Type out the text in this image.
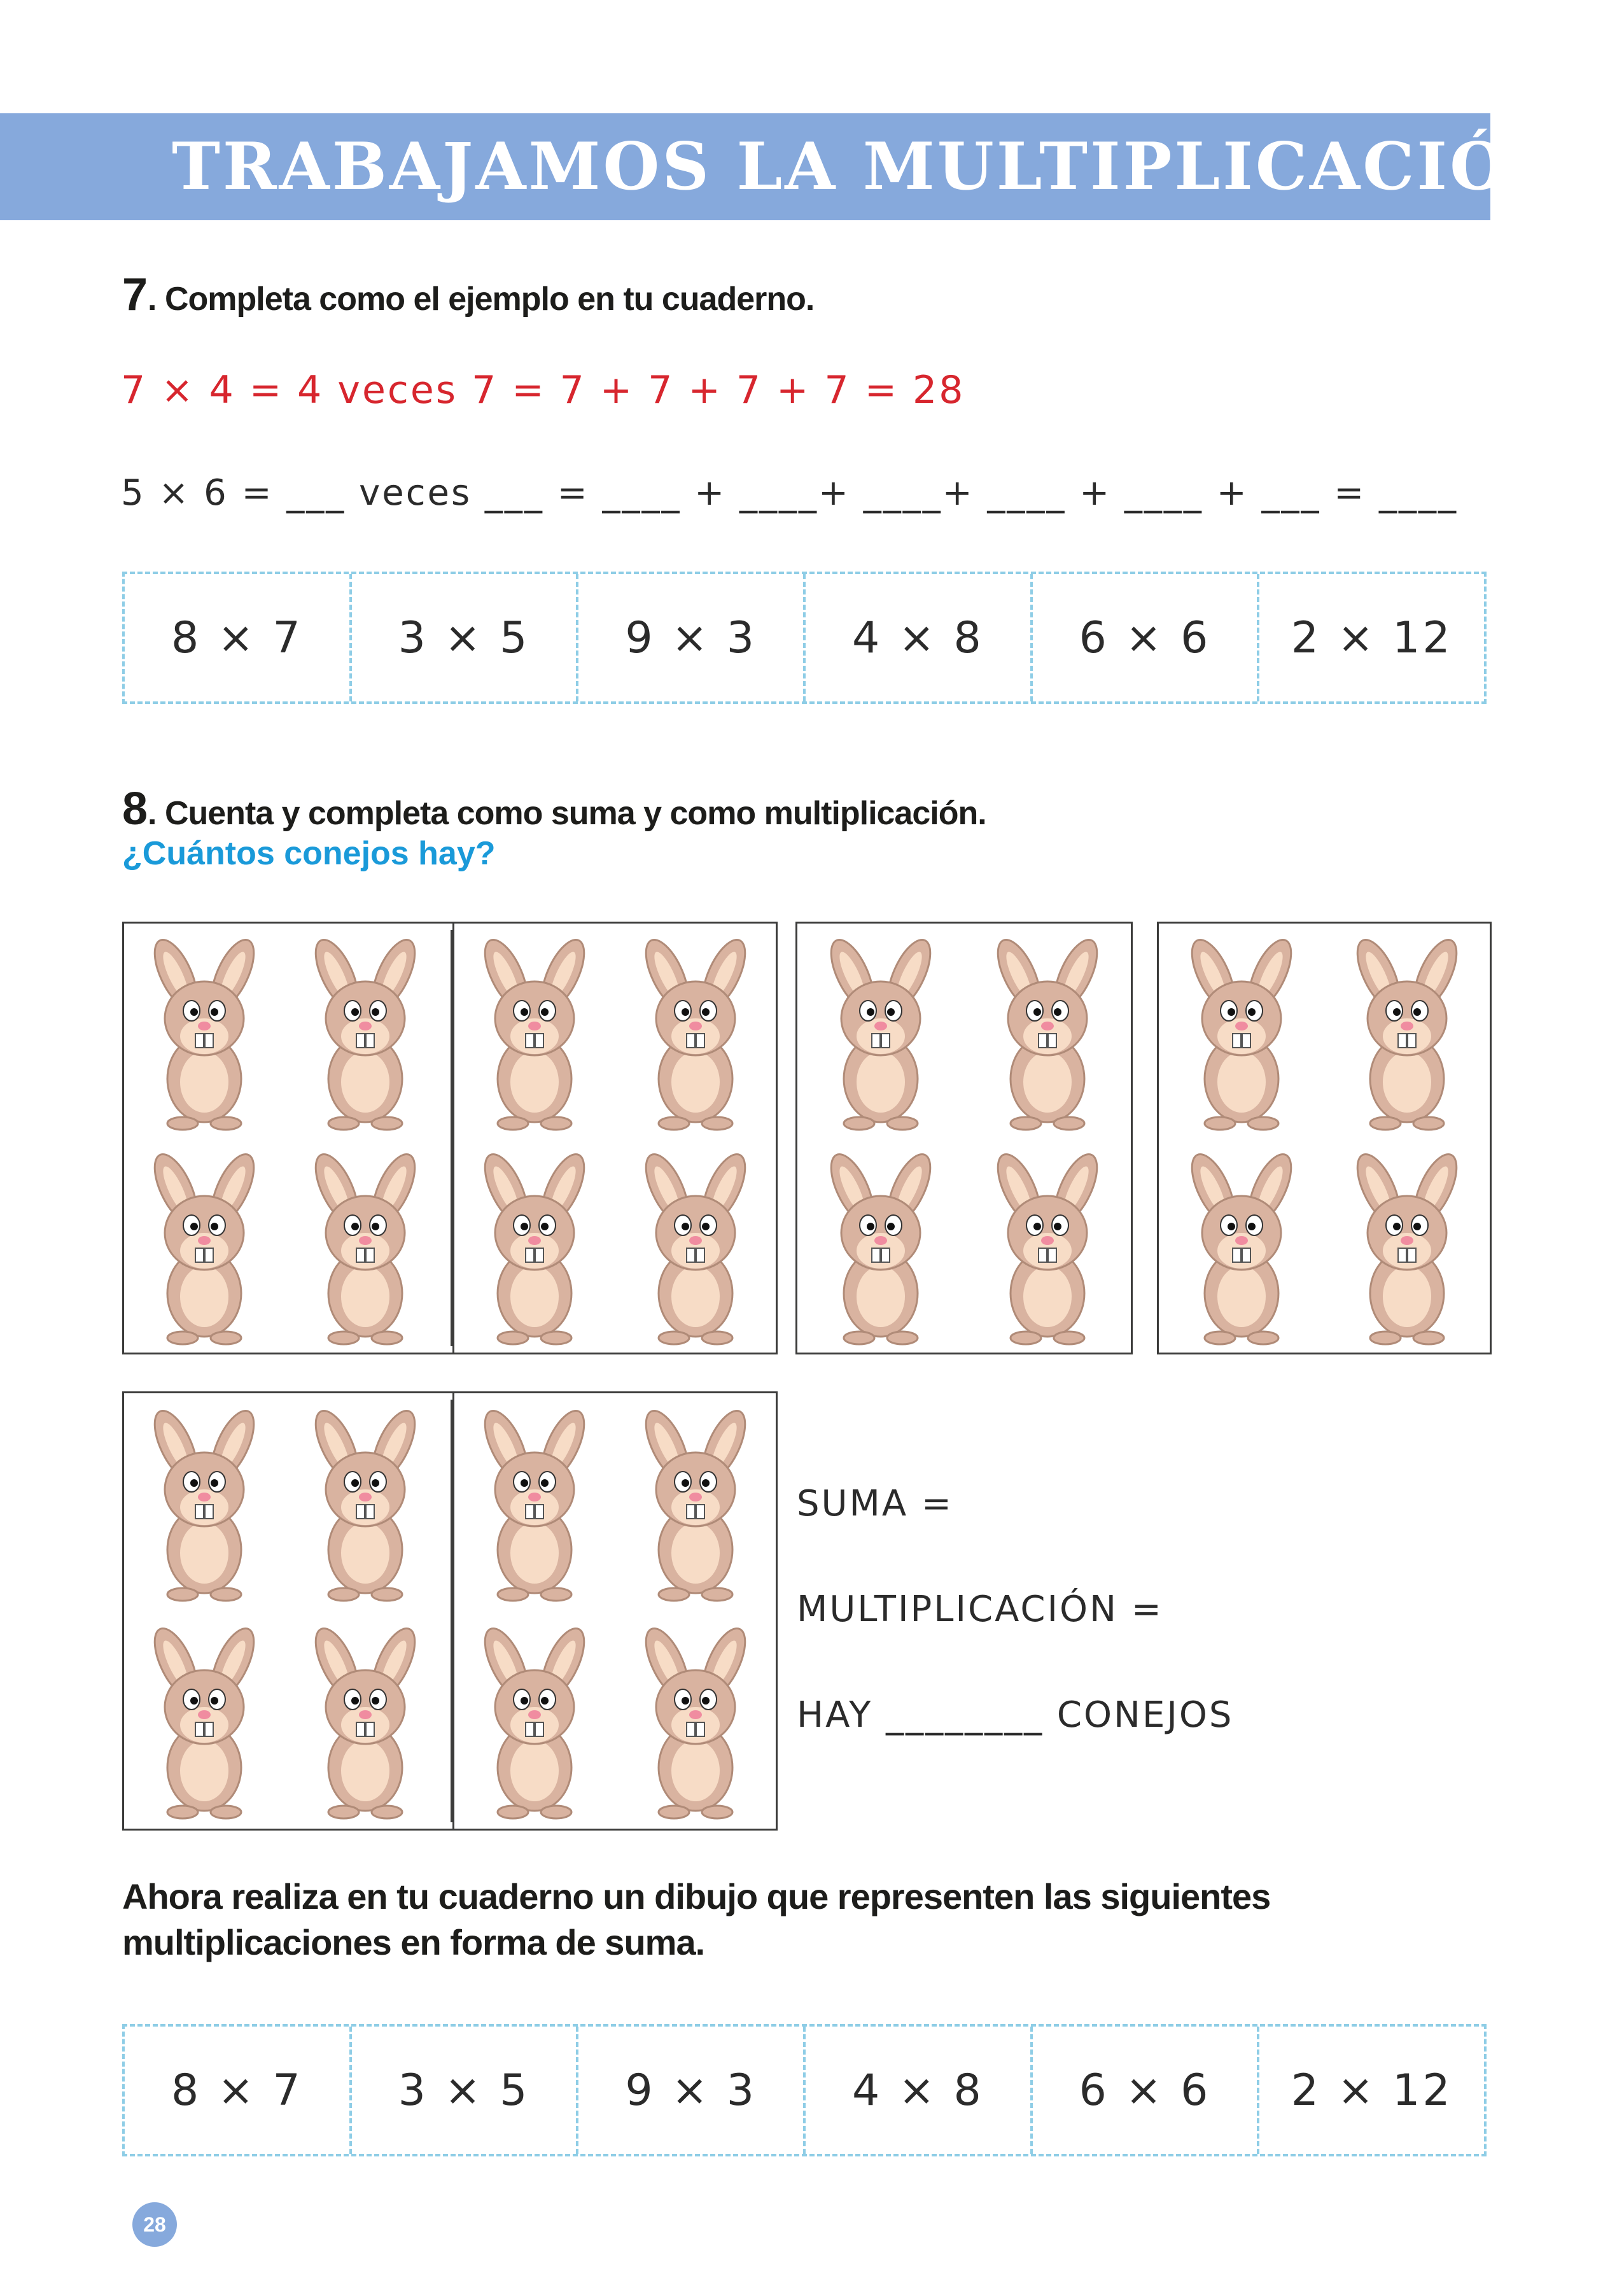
TRABAJAMOS LA MULTIPLICACIÓN
7. Completa como el ejemplo en tu cuaderno.
7 × 4 = 4 veces 7 = 7 + 7 + 7 + 7 = 28
5 × 6 = ___ veces ___ = ____ + ____+ ____+ ____ + ____ + ___ = ____
8 × 7	3 × 5	9 × 3	4 × 8	6 × 6	2 × 12
8. Cuenta y completa como suma y como multiplicación.
¿Cuántos conejos hay?
SUMA =
MULTIPLICACIÓN =
HAY ________ CONEJOS
Ahora realiza en tu cuaderno un dibujo que representen las siguientes multiplicaciones en forma de suma.
8 × 7	3 × 5	9 × 3	4 × 8	6 × 6	2 × 12
28
